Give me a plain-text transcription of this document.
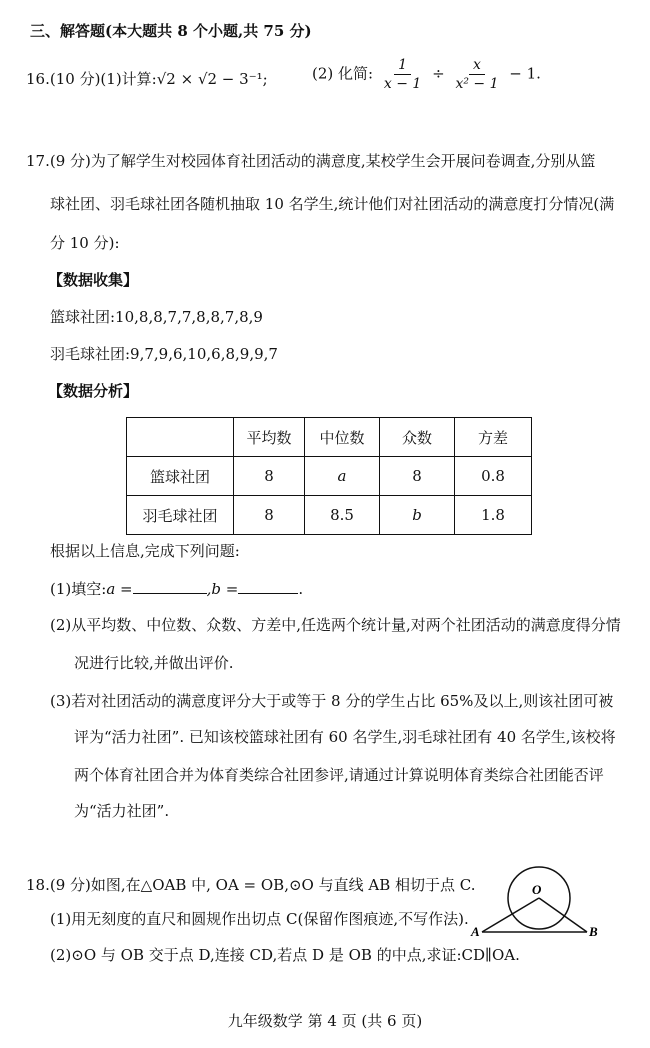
三、解答题(本大题共 8 个小题,共 75 分)
16.(10 分)(1)计算:√2 × √2 − 3⁻¹;	(2) 化简: $\frac{1}{x - 1} \div \frac{x}{\text{x² − 1}} - 1$.
17.(9 分)为了解学生对校园体育社团活动的满意度,某校学生会开展问卷调查,分别从篮
球社团、羽毛球社团各随机抽取 10 名学生,统计他们对社团活动的满意度打分情况(满
分 10 分):
【数据收集】
篮球社团:10,8,8,7,7,8,8,7,8,9
羽毛球社团:9,7,9,6,10,6,8,9,9,7
【数据分析】
	平均数	中位数	众数	方差
篮球社团	8	a	8	0.8
羽毛球社团	8	8.5	b	1.8
根据以上信息,完成下列问题:
(1)填空:a =	,b =	.
(2)从平均数、中位数、众数、方差中,任选两个统计量,对两个社团活动的满意度得分情
况进行比较,并做出评价.
(3)若对社团活动的满意度评分大于或等于 8 分的学生占比 65%及以上,则该社团可被
评为“活力社团”. 已知该校篮球社团有 60 名学生,羽毛球社团有 40 名学生,该校将
两个体育社团合并为体育类综合社团参评,请通过计算说明体育类综合社团能否评
为“活力社团”.
18.(9 分)如图,在△OAB 中, OA = OB,⊙O 与直线 AB 相切于点 C.
(1)用无刻度的直尺和圆规作出切点 C(保留作图痕迹,不写作法).
(2)⊙O 与 OB 交于点 D,连接 CD,若点 D 是 OB 的中点,求证:CD∥OA.
O
A	B
九年级数学 第 4 页 (共 6 页)
